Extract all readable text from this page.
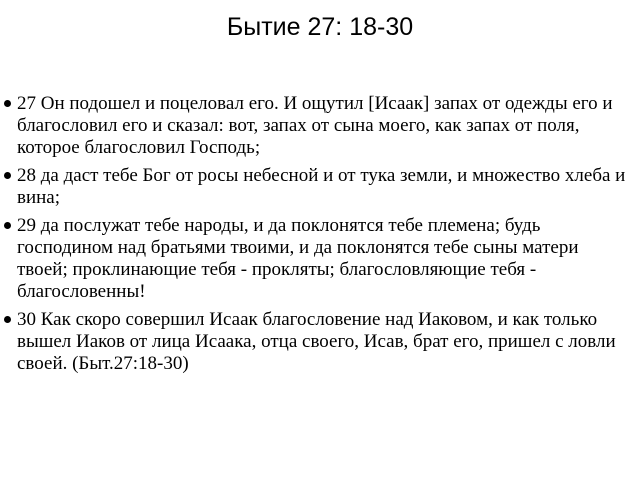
Бытие 27: 18-30
27 Он подошел и поцеловал его. И ощутил [Исаак] запах от одежды его и благословил его и сказал: вот, запах от сына моего, как запах от поля, которое благословил Господь;
28 да даст тебе Бог от росы небесной и от тука земли, и множество хлеба и вина;
29 да послужат тебе народы, и да поклонятся тебе племена; будь господином над братьями твоими, и да поклонятся тебе сыны матери твоей; проклинающие тебя - прокляты; благословляющие тебя - благословенны!
30 Как скоро совершил Исаак благословение над Иаковом, и как только вышел Иаков от лица Исаака, отца своего, Исав, брат его, пришел с ловли своей. (Быт.27:18-30)
